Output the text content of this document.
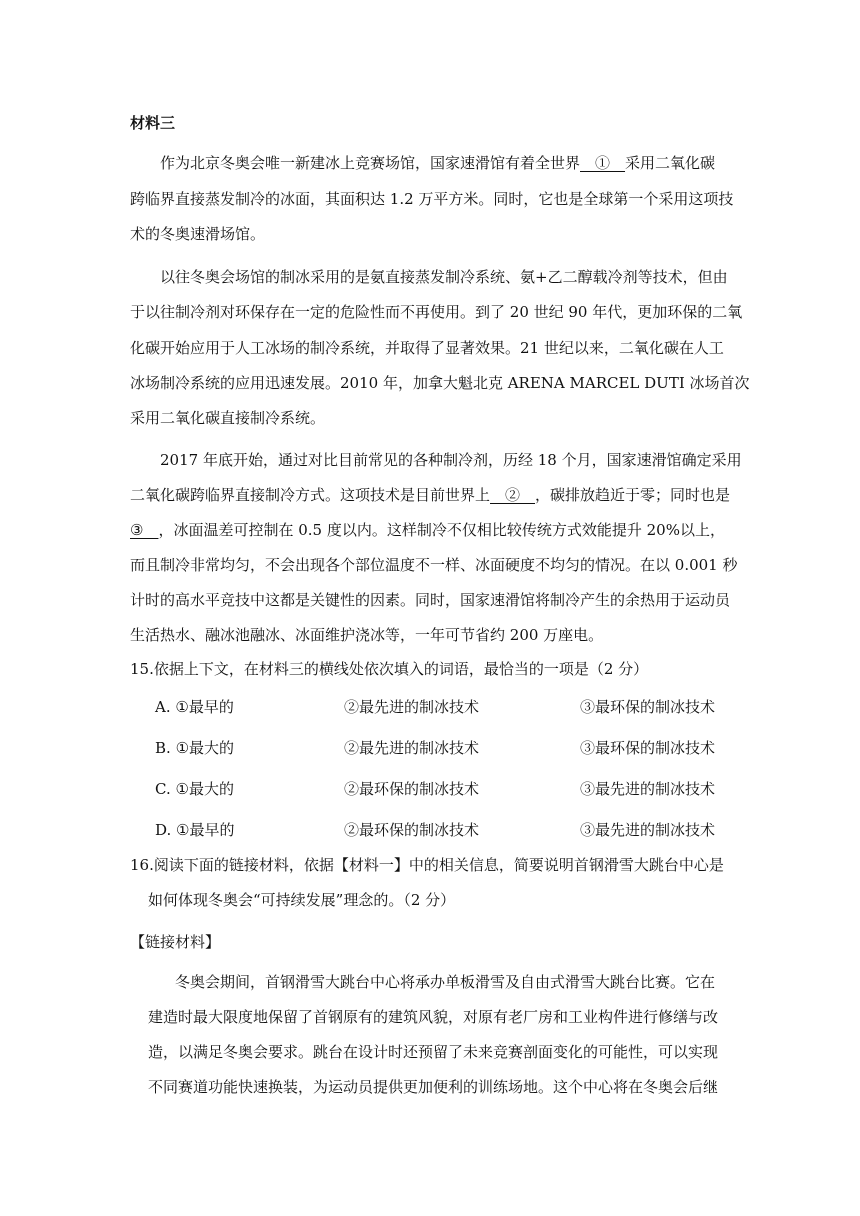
材料三
作为北京冬奥会唯一新建冰上竞赛场馆，国家速滑馆有着全世界　①　采用二氧化碳
跨临界直接蒸发制冷的冰面，其面积达 1.2 万平方米。同时，它也是全球第一个采用这项技
术的冬奥速滑场馆。
以往冬奥会场馆的制冰采用的是氨直接蒸发制冷系统、氨+乙二醇载冷剂等技术，但由
于以往制冷剂对环保存在一定的危险性而不再使用。到了 20 世纪 90 年代，更加环保的二氧
化碳开始应用于人工冰场的制冷系统，并取得了显著效果。21 世纪以来，二氧化碳在人工
冰场制冷系统的应用迅速发展。2010 年，加拿大魁北克 ARENA MARCEL DUTI 冰场首次
采用二氧化碳直接制冷系统。
2017 年底开始，通过对比目前常见的各种制冷剂，历经 18 个月，国家速滑馆确定采用
二氧化碳跨临界直接制冷方式。这项技术是目前世界上　②　，碳排放趋近于零；同时也是
③　，冰面温差可控制在 0.5 度以内。这样制冷不仅相比较传统方式效能提升 20%以上，
而且制冷非常均匀，不会出现各个部位温度不一样、冰面硬度不均匀的情况。在以 0.001 秒
计时的高水平竞技中这都是关键性的因素。同时，国家速滑馆将制冷产生的余热用于运动员
生活热水、融冰池融冰、冰面维护浇冰等，一年可节省约 200 万座电。
15.依据上下文，在材料三的横线处依次填入的词语，最恰当的一项是（2 分）
A. ①最早的	②最先进的制冰技术	③最环保的制冰技术
B. ①最大的	②最先进的制冰技术	③最环保的制冰技术
C. ①最大的	②最环保的制冰技术	③最先进的制冰技术
D. ①最早的	②最环保的制冰技术	③最先进的制冰技术
16.阅读下面的链接材料，依据【材料一】中的相关信息，简要说明首钢滑雪大跳台中心是
如何体现冬奥会“可持续发展”理念的。（2 分）
【链接材料】
冬奥会期间，首钢滑雪大跳台中心将承办单板滑雪及自由式滑雪大跳台比赛。它在
建造时最大限度地保留了首钢原有的建筑风貌，对原有老厂房和工业构件进行修缮与改
造，以满足冬奥会要求。跳台在设计时还预留了未来竞赛剖面变化的可能性，可以实现
不同赛道功能快速换装，为运动员提供更加便利的训练场地。这个中心将在冬奥会后继
